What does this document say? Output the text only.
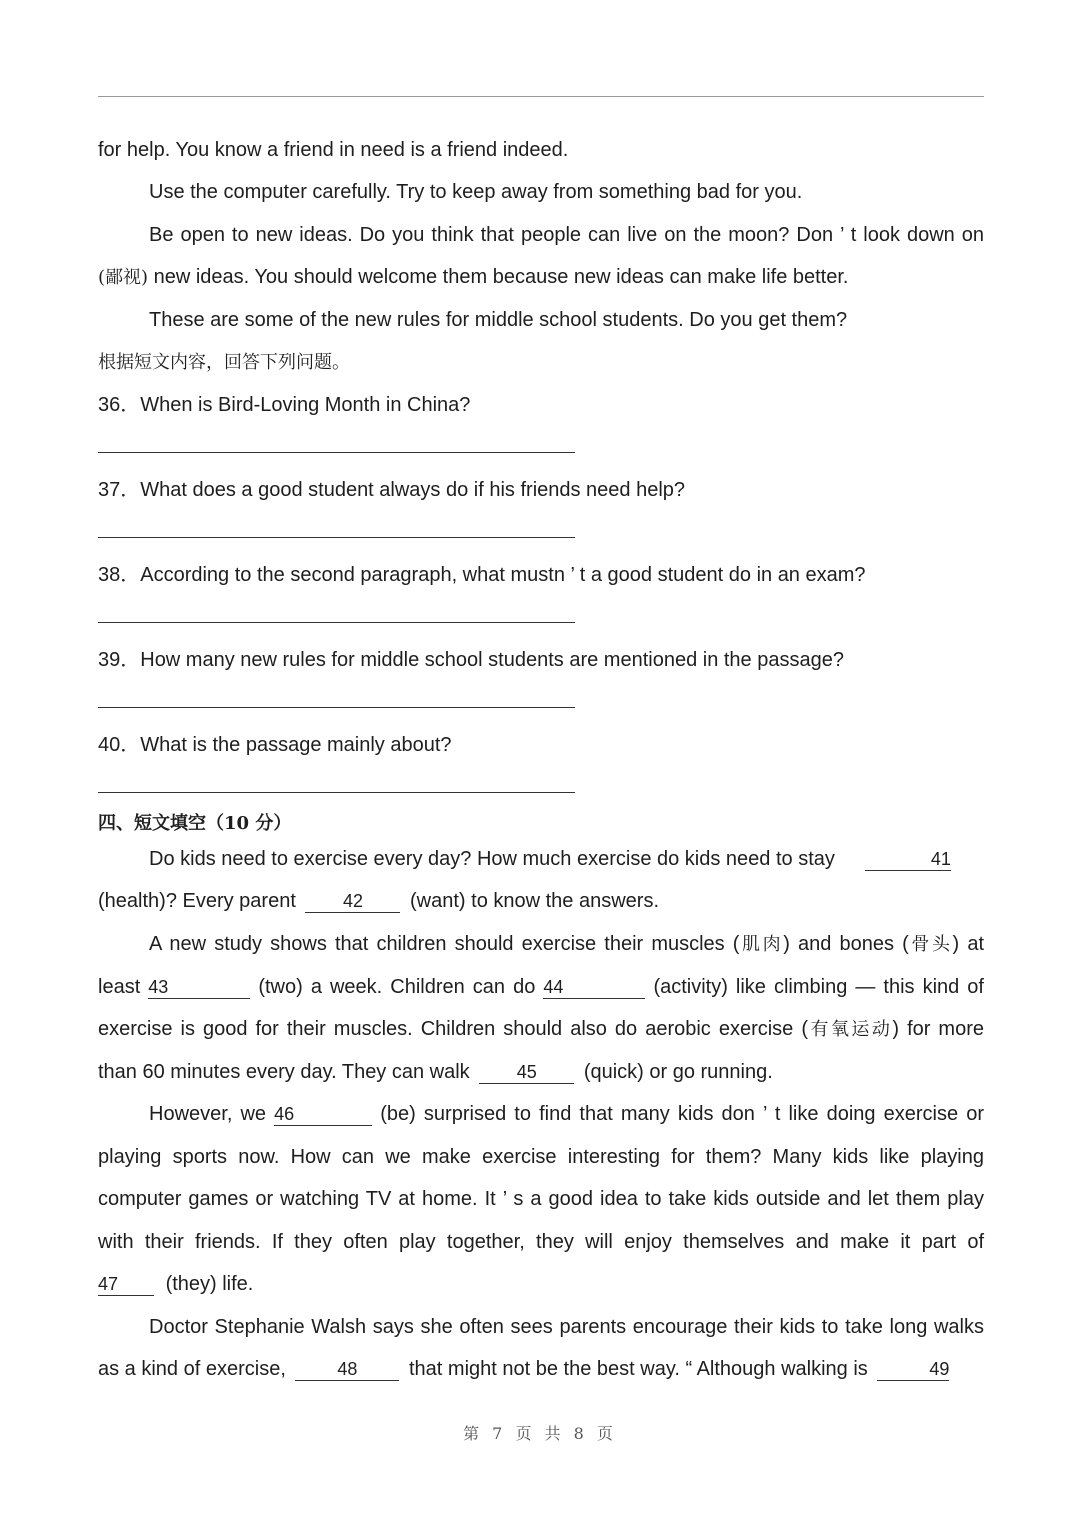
for help. You know a friend in need is a friend indeed.
Use the computer carefully. Try to keep away from something bad for you.
Be open to new ideas. Do you think that people can live on the moon? Don ’ t look down on
(鄙视) new ideas. You should welcome them because new ideas can make life better.
These are some of the new rules for middle school students. Do you get them?
根据短文内容，回答下列问题。
36．When is Bird-Loving Month in China?
37．What does a good student always do if his friends need help?
38．According to the second paragraph, what mustn ’ t a good student do in an exam?
39．How many new rules for middle school students are mentioned in the passage?
40．What is the passage mainly about?
四、短文填空（10 分）
Do kids need to exercise every day? How much exercise do kids need to stay	41
(health)? Every parent	42 (want) to know the answers.
A new study shows that children should exercise their muscles (肌肉) and bones (骨头) at
least 43	(two) a week. Children can do 44	(activity) like climbing — this kind of
exercise is good for their muscles. Children should also do aerobic exercise (有氧运动) for more
than 60 minutes every day. They can walk	45 (quick) or go running.
However, we 46	(be) surprised to find that many kids don ’ t like doing exercise or
playing sports now. How can we make exercise interesting for them? Many kids like playing
computer games or watching TV at home. It ’ s a good idea to take kids outside and let them play
with their friends. If they often play together, they will enjoy themselves and make it part of
47 (they) life.
Doctor Stephanie Walsh says she often sees parents encourage their kids to take long walks
as a kind of exercise,	48	that might not be the best way. “ Although walking is	49
第 7 页 共 8 页
